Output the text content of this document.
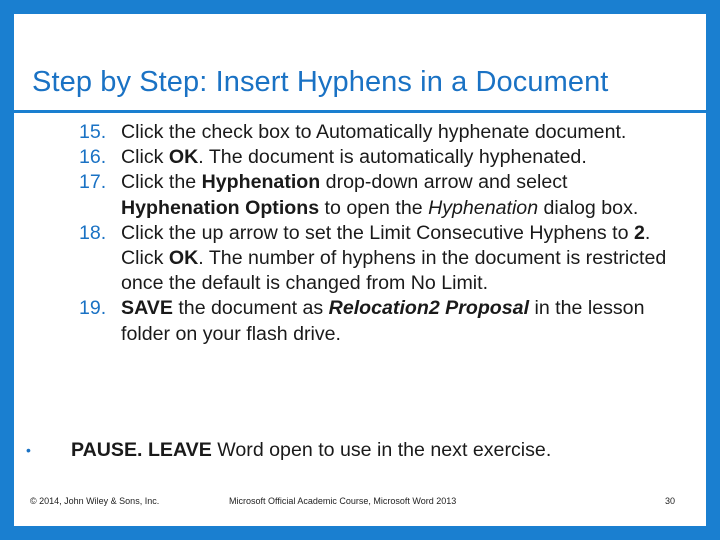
Step by Step: Insert Hyphens in a Document
15. Click the check box to Automatically hyphenate document.
16. Click OK. The document is automatically hyphenated.
17. Click the Hyphenation drop-down arrow and select Hyphenation Options to open the Hyphenation dialog box.
18. Click the up arrow to set the Limit Consecutive Hyphens to 2. Click OK. The number of hyphens in the document is restricted once the default is changed from No Limit.
19. SAVE the document as Relocation2 Proposal in the lesson folder on your flash drive.
• PAUSE. LEAVE Word open to use in the next exercise.
© 2014, John Wiley & Sons, Inc.	Microsoft Official Academic Course, Microsoft Word 2013	30
